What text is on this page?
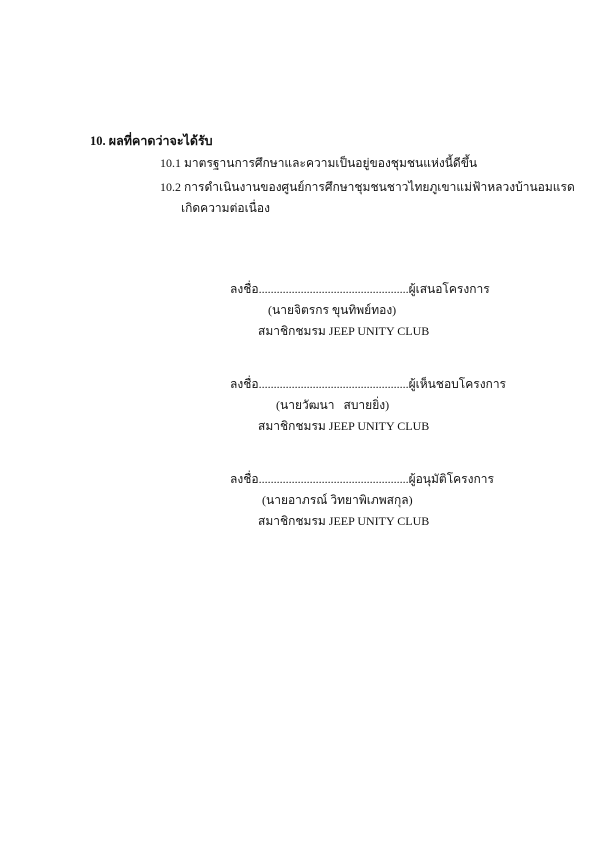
10. ผลที่คาดว่าจะได้รับ
10.1 มาตรฐานการศึกษาและความเป็นอยู่ของชุมชนแห่งนี้ดีขึ้น
10.2 การดำเนินงานของศูนย์การศึกษาชุมชนชาวไทยภูเขาแม่ฟ้าหลวงบ้านอมแรด
เกิดความต่อเนื่อง
ลงชื่อ..................................................ผู้เสนอโครงการ
(นายจิตรกร ขุนทิพย์ทอง)
สมาชิกชมรม JEEP UNITY CLUB
ลงชื่อ..................................................ผู้เห็นชอบโครงการ
(นายวัฒนา   สบายยิ่ง)
สมาชิกชมรม JEEP UNITY CLUB
ลงชื่อ..................................................ผู้อนุมัติโครงการ
(นายอาภรณ์ วิทยาพิเภพสกุล)
สมาชิกชมรม JEEP UNITY CLUB
